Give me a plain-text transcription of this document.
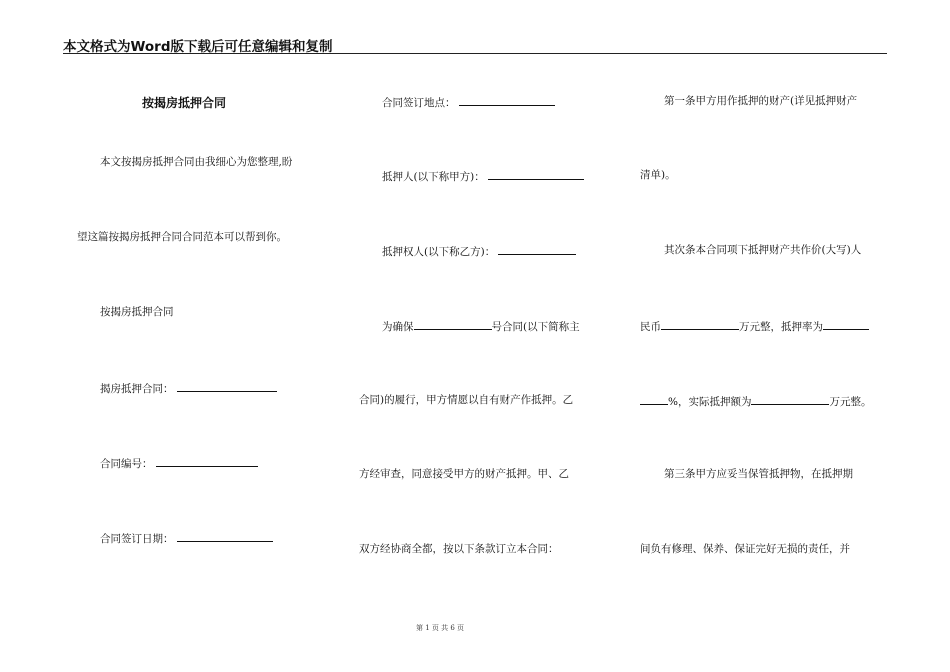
本文格式为Word版下载后可任意编辑和复制
按揭房抵押合同
本文按揭房抵押合同由我细心为您整理,盼
望这篇按揭房抵押合同合同范本可以帮到你。
按揭房抵押合同
揭房抵押合同：
合同编号：
合同签订日期：
合同签订地点：
抵押人(以下称甲方)：
抵押权人(以下称乙方)：
为确保	号合同(以下简称主
合同)的履行，甲方情愿以自有财产作抵押。乙
方经审查，同意接受甲方的财产抵押。甲、乙
双方经协商全都，按以下条款订立本合同：
第一条甲方用作抵押的财产(详见抵押财产
清单)。
其次条本合同项下抵押财产共作价(大写)人
民币	万元整，抵押率为
%，实际抵押额为	万元整。
第三条甲方应妥当保管抵押物，在抵押期
间负有修理、保养、保证完好无损的责任，并
第 1 页 共 6 页
